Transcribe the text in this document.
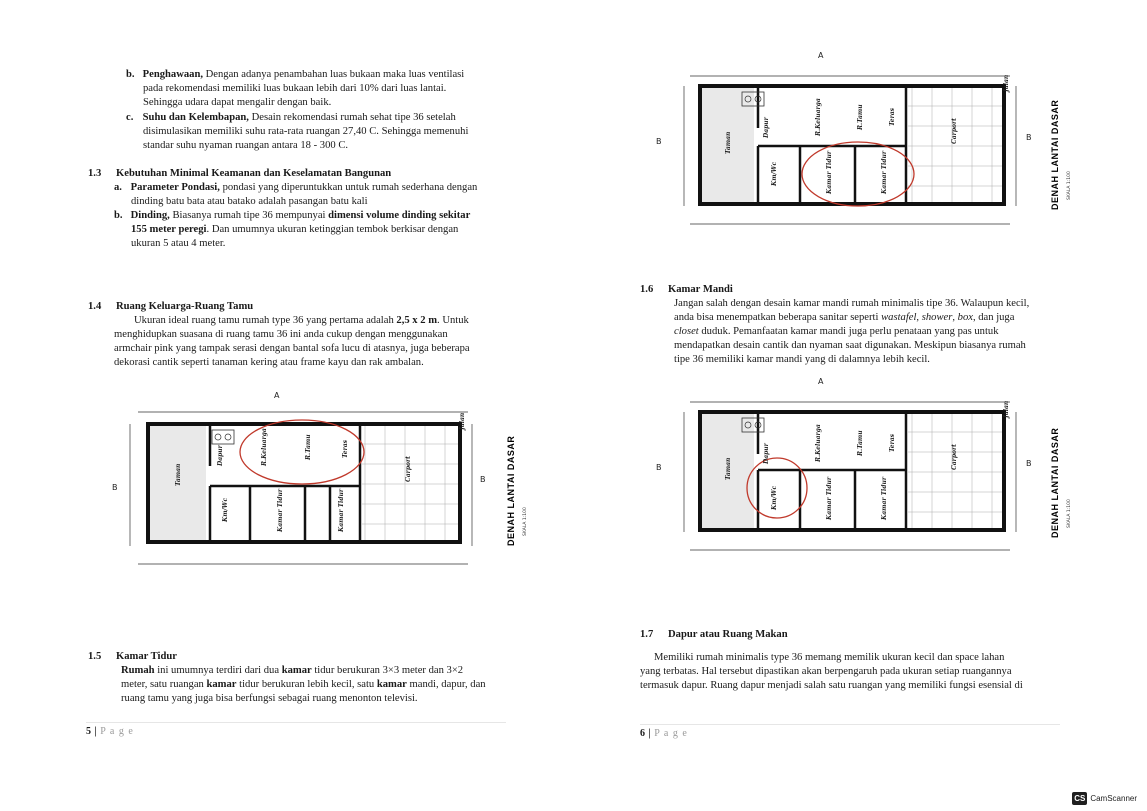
b. Penghawaan, Dengan adanya penambahan luas bukaan maka luas ventilasi
pada rekomendasi memiliki luas bukaan lebih dari 10% dari luas lantai.
Sehingga udara dapat mengalir dengan baik.
c. Suhu dan Kelembapan, Desain rekomendasi rumah sehat tipe 36 setelah
disimulasikan memiliki suhu rata-rata ruangan 27,40 C. Sehingga memenuhi
standar suhu nyaman ruangan antara 18 - 300 C.
1.3 Kebutuhan Minimal Keamanan dan Keselamatan Bangunan
a. Parameter Pondasi, pondasi yang diperuntukkan untuk rumah sederhana dengan
dinding batu bata atau batako adalah pasangan batu kali
b. Dinding, Biasanya rumah tipe 36 mempunyai dimensi volume dinding sekitar
155 meter peregi. Dan umumnya ukuran ketinggian tembok berkisar dengan
ukuran 5 atau 4 meter.
1.4 Ruang Keluarga-Ruang Tamu
Ukuran ideal ruang tamu rumah type 36 yang pertama adalah 2,5 x 2 m. Untuk
menghidupkan suasana di ruang tamu 36 ini anda cukup dengan menggunakan
armchair pink yang tampak serasi dengan bantal sofa lucu di atasnya, juga beberapa
dekorasi cantik seperti tanaman kering atau frame kayu dan rak ambalan.
R.Keluarga	R.Tamu	Teras
Dapur
Taman
Km/Wc	Kamar Tidur	Kamar Tidur
Carport
Jalan
A
B
B DENAH LANTAI DASAR SKALA 1:100
1.5 Kamar Tidur
Rumah ini umumnya terdiri dari dua kamar tidur berukuran 3×3 meter dan 3×2
meter, satu ruangan kamar tidur berukuran lebih kecil, satu kamar mandi, dapur, dan
ruang tamu yang juga bisa berfungsi sebagai ruang menonton televisi.
5 | P a g e
R.Keluarga	R.Tamu	Teras
Dapur
Taman
Km/Wc	Kamar Tidur	Kamar Tidur
Carport
Jalan
A
B	B DENAH LANTAI DASAR SKALA 1:100
1.6 Kamar Mandi
Jangan salah dengan desain kamar mandi rumah minimalis tipe 36. Walaupun kecil,
anda bisa menempatkan beberapa sanitar seperti wastafel, shower, box, dan juga
closet duduk. Pemanfaatan kamar mandi juga perlu penataan yang pas untuk
mendapatkan desain cantik dan nyaman saat digunakan. Meskipun biasanya rumah
tipe 36 memiliki kamar mandi yang di dalamnya lebih kecil.
R.Keluarga	R.Tamu	Teras
Dapur
Taman
Km/Wc	Kamar Tidur	Kamar Tidur
Carport
Jalan
A
B	B DENAH LANTAI DASAR SKALA 1:100
1.7 Dapur atau Ruang Makan
Memiliki rumah minimalis type 36 memang memilik ukuran kecil dan space lahan
yang terbatas. Hal tersebut dipastikan akan berpengaruh pada ukuran setiap ruangannya
termasuk dapur. Ruang dapur menjadi salah satu ruangan yang memiliki fungsi esensial di
6 | P a g e
CS CamScanner
